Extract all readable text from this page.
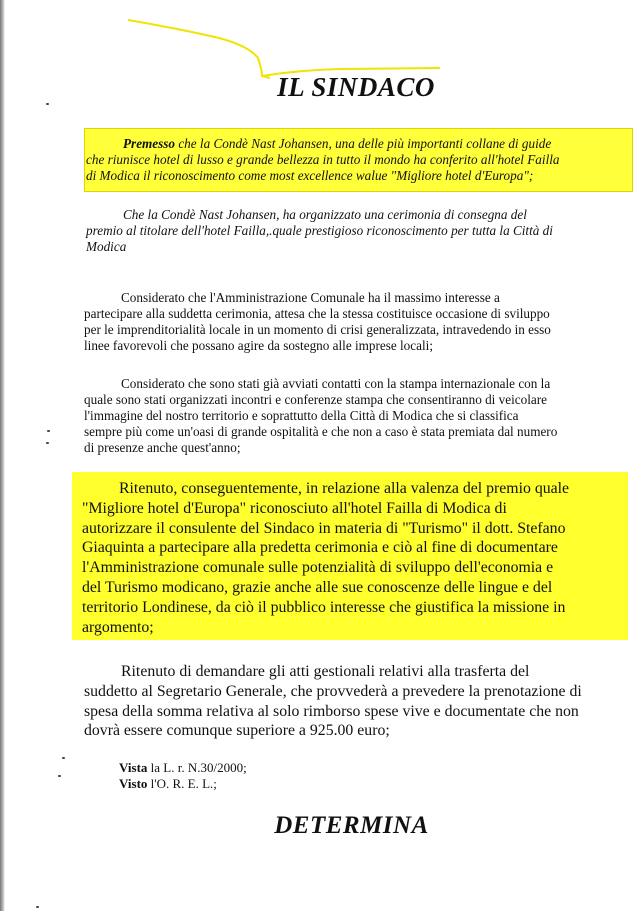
IL SINDACO

Premesso che la Condè Nast Johansen, una delle più importanti collane di guide
che riunisce hotel di lusso e grande bellezza in tutto il mondo ha conferito all'hotel Failla
di Modica il riconoscimento come most excellence walue "Migliore hotel d'Europa";

Che la Condè Nast Johansen, ha organizzato una cerimonia di consegna del
premio al titolare dell'hotel Failla,.quale prestigioso riconoscimento per tutta la Città di
Modica

Considerato che l'Amministrazione Comunale ha il massimo interesse a
partecipare alla suddetta cerimonia, attesa che la stessa costituisce occasione di sviluppo
per le imprenditorialità locale in un momento di crisi generalizzata, intravedendo in esso
linee favorevoli che possano agire da sostegno alle imprese locali;

Considerato che sono stati già avviati contatti con la stampa internazionale con la
quale sono stati organizzati incontri e conferenze stampa che consentiranno di veicolare
l'immagine del nostro territorio e soprattutto della Città di Modica che si classifica
sempre più come un'oasi di grande ospitalità e che non a caso è stata premiata dal numero
di presenze anche quest'anno;

Ritenuto, conseguentemente, in relazione alla valenza del premio quale
"Migliore hotel d'Europa" riconosciuto all'hotel Failla di Modica di
autorizzare il consulente del Sindaco in materia di "Turismo" il dott. Stefano
Giaquinta a partecipare alla predetta cerimonia e ciò al fine di documentare
l'Amministrazione comunale sulle potenzialità di sviluppo dell'economia e
del Turismo modicano, grazie anche alle sue conoscenze delle lingue e del
territorio Londinese, da ciò il pubblico interesse che giustifica la missione in
argomento;

Ritenuto di demandare gli atti gestionali relativi alla trasferta del
suddetto al Segretario Generale, che provvederà a prevedere la prenotazione di
spesa della somma relativa al solo rimborso spese vive e documentate che non
dovrà essere comunque superiore a 925.00 euro;

Vista la L. r. N.30/2000;
Visto l'O. R. E. L.;
DETERMINA
